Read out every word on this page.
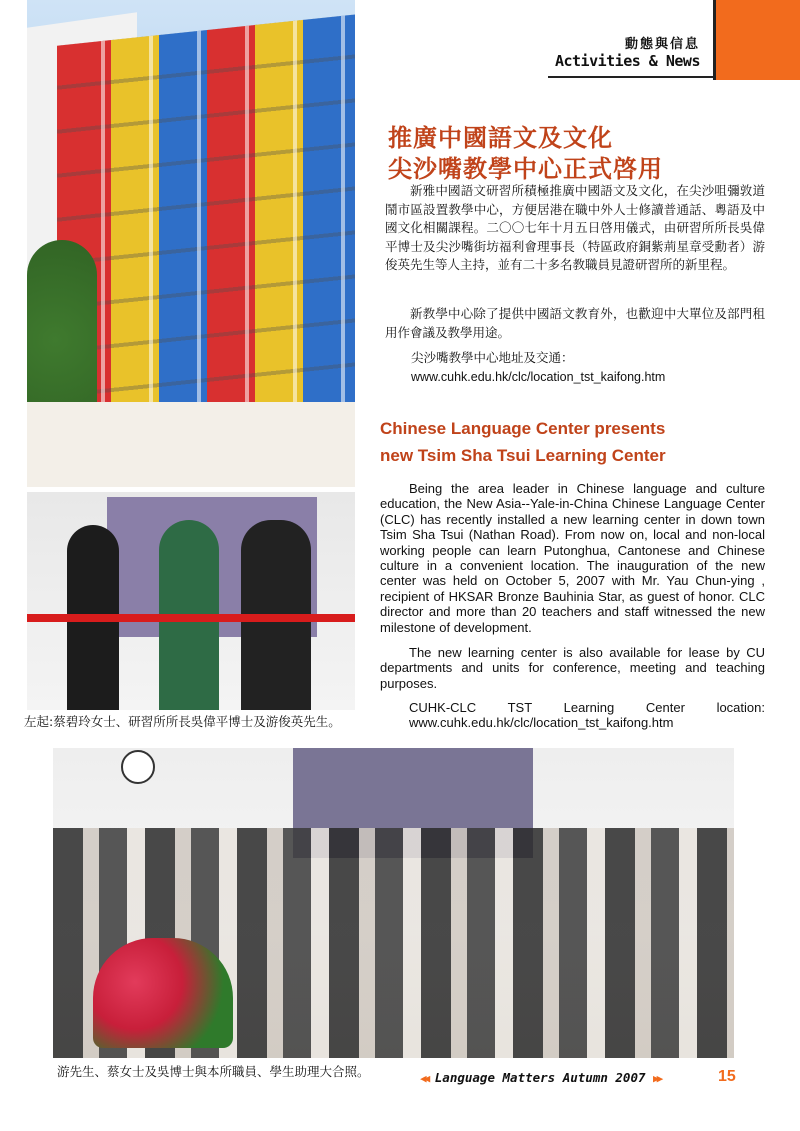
動態與信息
Activities & News
左起:蔡碧玲女士、研習所所長吳偉平博士及游俊英先生。
游先生、蔡女士及吳博士與本所職員、學生助理大合照。
推廣中國語文及文化
尖沙嘴教學中心正式啓用
新雅中國語文研習所積極推廣中國語文及文化，在尖沙咀彌敦道鬧市區設置教學中心，方便居港在職中外人士修讀普通話、粵語及中國文化相關課程。二〇〇七年十月五日啓用儀式，由研習所所長吳偉平博士及尖沙嘴街坊福利會理事長（特區政府銅紫荊星章受勳者）游俊英先生等人主持，並有二十多名教職員見證研習所的新里程。
新教學中心除了提供中國語文教育外，也歡迎中大單位及部門租用作會議及教學用途。
尖沙嘴教學中心地址及交通：
www.cuhk.edu.hk/clc/location_tst_kaifong.htm
Chinese Language Center presents
new Tsim Sha Tsui Learning Center
Being the area leader in Chinese language and culture education, the New Asia--Yale-in-China Chinese Language Center (CLC) has recently installed a new learning center in down town Tsim Sha Tsui (Nathan Road). From now on, local and non-local working people can learn Putonghua, Cantonese and Chinese culture in a convenient location. The inauguration of the new center was held on October 5, 2007 with Mr. Yau Chun-ying , recipient of HKSAR Bronze Bauhinia Star, as guest of honor. CLC director and more than 20 teachers and staff witnessed the new milestone of development.
The new learning center is also available for lease by CU departments and units for conference, meeting and teaching purposes.
CUHK-CLC TST Learning Center location:
www.cuhk.edu.hk/clc/location_tst_kaifong.htm
◀◀ Language Matters Autumn 2007 ▶▶	15
